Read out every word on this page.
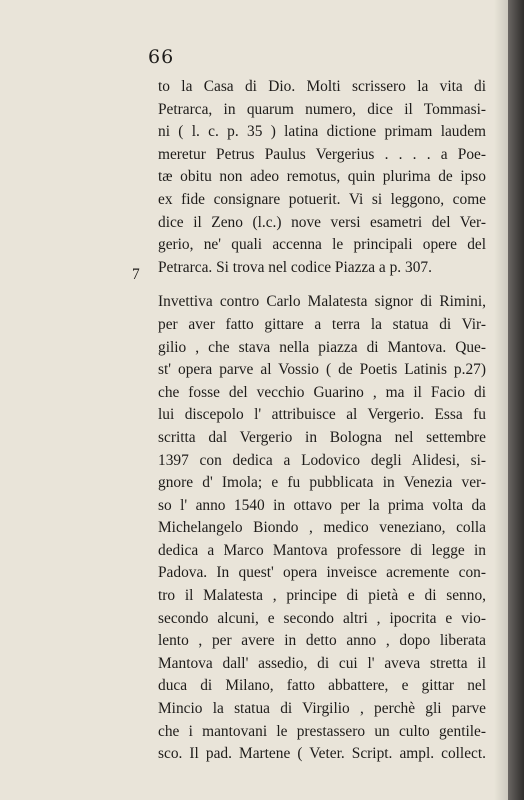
66
7
to la Casa di Dio. Molti scrissero la vita di
Petrarca, in quarum numero, dice il Tommasi-
ni ( l. c. p. 35 ) latina dictione primam laudem
meretur Petrus Paulus Vergerius . . . . a Poe-
tæ obitu non adeo remotus, quin plurima de ipso
ex fide consignare potuerit. Vi si leggono, come
dice il Zeno (l.c.) nove versi esametri del Ver-
gerio, ne' quali accenna le principali opere del
Petrarca. Si trova nel codice Piazza a p. 307.
Invettiva contro Carlo Malatesta signor di Rimini,
per aver fatto gittare a terra la statua di Vir-
gilio , che stava nella piazza di Mantova. Que-
st' opera parve al Vossio ( de Poetis Latinis p.27)
che fosse del vecchio Guarino , ma il Facio di
lui discepolo l' attribuisce al Vergerio. Essa fu
scritta dal Vergerio in Bologna nel settembre
1397 con dedica a Lodovico degli Alidesi, si-
gnore d' Imola; e fu pubblicata in Venezia ver-
so l' anno 1540 in ottavo per la prima volta da
Michelangelo Biondo , medico veneziano, colla
dedica a Marco Mantova professore di legge in
Padova. In quest' opera inveisce acremente con-
tro il Malatesta , principe di pietà e di senno,
secondo alcuni, e secondo altri , ipocrita e vio-
lento , per avere in detto anno , dopo liberata
Mantova dall' assedio, di cui l' aveva stretta il
duca di Milano, fatto abbattere, e gittar nel
Mincio la statua di Virgilio , perchè gli parve
che i mantovani le prestassero un culto gentile-
sco. Il pad. Martene ( Veter. Script. ampl. collect.
